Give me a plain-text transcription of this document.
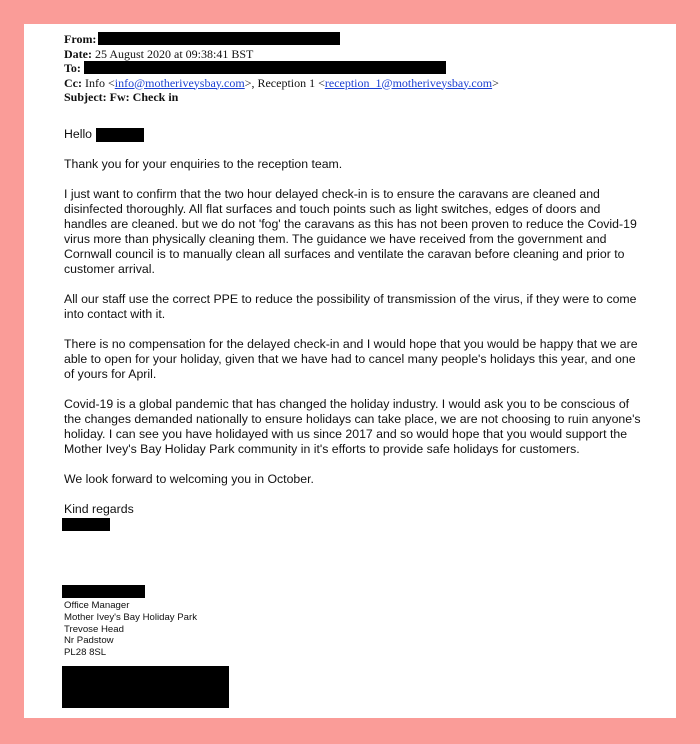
From:
Date: 25 August 2020 at 09:38:41 BST
To:
Cc: Info <info@motheriveysbay.com>, Reception 1 <reception_1@motheriveysbay.com>
Subject: Fw: Check in

Hello

Thank you for your enquiries to the reception team.

I just want to confirm that the two hour delayed check-in is to ensure the caravans are cleaned and disinfected thoroughly. All flat surfaces and touch points such as light switches, edges of doors and handles are cleaned. but we do not 'fog' the caravans as this has not been proven to reduce the Covid-19 virus more than physically cleaning them. The guidance we have received from the government and Cornwall council is to manually clean all surfaces and ventilate the caravan before cleaning and prior to customer arrival.

All our staff use the correct PPE to reduce the possibility of transmission of the virus, if they were to come into contact with it.

There is no compensation for the delayed check-in and I would hope that you would be happy that we are able to open for your holiday, given that we have had to cancel many people's holidays this year, and one of yours for April.

Covid-19 is a global pandemic that has changed the holiday industry. I would ask you to be conscious of the changes demanded nationally to ensure holidays can take place, we are not choosing to ruin anyone's holiday. I can see you have holidayed with us since 2017 and so would hope that you would support the Mother Ivey's Bay Holiday Park community in it's efforts to provide safe holidays for customers.

We look forward to welcoming you in October.

Kind regards

Office Manager
Mother Ivey's Bay Holiday Park
Trevose Head
Nr Padstow
PL28 8SL
